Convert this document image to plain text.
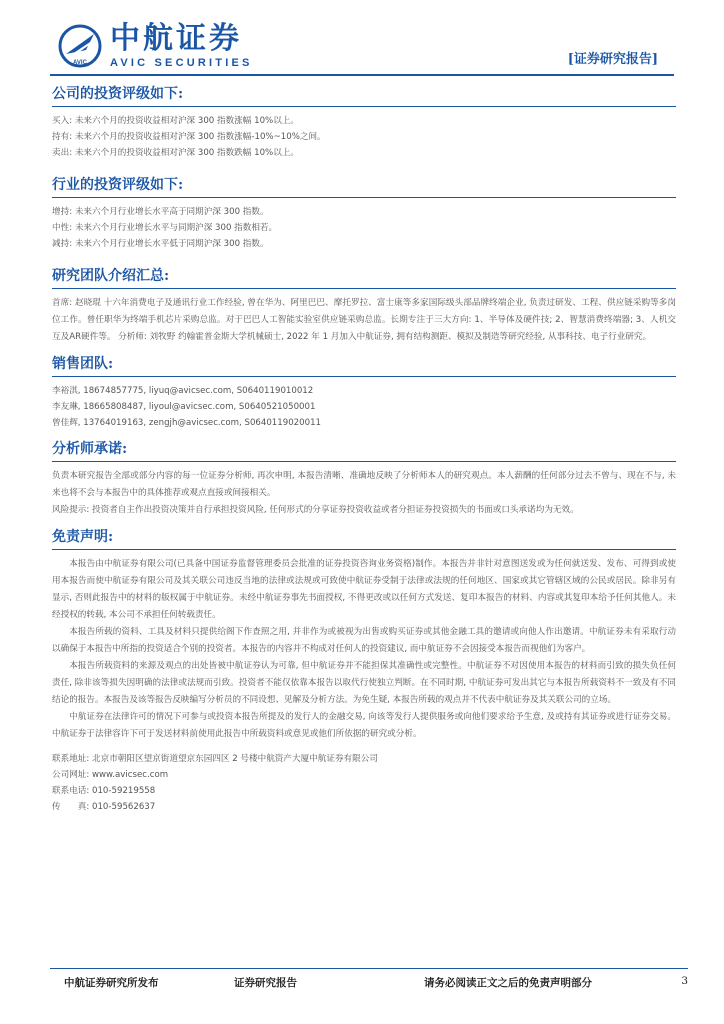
AVIC
中航证券
AVIC SECURITIES	[证券研究报告]
公司的投资评级如下:
买入: 未来六个月的投资收益相对沪深 300 指数涨幅 10%以上。
持有: 未来六个月的投资收益相对沪深 300 指数涨幅-10%~10%之间。
卖出: 未来六个月的投资收益相对沪深 300 指数跌幅 10%以上。
行业的投资评级如下:
增持: 未来六个月行业增长水平高于同期沪深 300 指数。
中性: 未来六个月行业增长水平与同期沪深 300 指数相若。
减持: 未来六个月行业增长水平低于同期沪深 300 指数。
研究团队介绍汇总:
首席: 赵晓琨 十六年消费电子及通讯行业工作经验, 曾在华为、阿里巴巴、摩托罗拉、富士康等多家国际级头部品牌终端企业, 负责过研发、工程、供应链采购等多岗位工作。曾任职华为终端手机芯片采购总监。对于巴巴人工智能实验室供应链采购总监。长期专注于三大方向: 1、半导体及硬件技; 2、智慧消费终端器; 3、人机交互及AR硬件等。 分析师: 刘牧野 约翰霍普金斯大学机械硕士, 2022 年 1 月加入中航证券, 拥有结构测距、模拟及制造等研究经验, 从事科技、电子行业研究。
销售团队:
李裕淇, 18674857775, liyuq@avicsec.com, S0640119010012
李友琳, 18665808487, liyoul@avicsec.com, S0640521050001
曾佳辉, 13764019163, zengjh@avicsec.com, S0640119020011
分析师承诺:
负责本研究报告全部或部分内容的每一位证券分析师, 再次申明, 本报告清晰、准确地反映了分析师本人的研究观点。本人薪酬的任何部分过去不曾与、现在不与, 未来也将不会与本报告中的具体推荐或观点直接或间接相关。
风险提示: 投资者自主作出投资决策并自行承担投资风险, 任何形式的分享证券投资收益或者分担证券投资损失的书面或口头承诺均为无效。
免责声明:
本报告由中航证券有限公司(已具备中国证券监督管理委员会批准的证券投资咨询业务资格)制作。本报告并非针对意图送发或为任何就送发、发布、可得到或使用本报告而使中航证券有限公司及其关联公司违反当地的法律或法规或可致使中航证券受制于法律或法规的任何地区、国家或其它管辖区域的公民或居民。除非另有显示, 否则此报告中的材料的版权属于中航证券。未经中航证券事先书面授权, 不得更改或以任何方式发送、复印本报告的材料、内容或其复印本给予任何其他人。未经授权的转载, 本公司不承担任何转载责任。
本报告所载的资料、工具及材料只提供给阁下作查照之用, 并非作为或被视为出售或购买证券或其他金融工具的邀请或向他人作出邀请。中航证券未有采取行动以确保于本报告中所指的投资适合个别的投资者。本报告的内容并不构成对任何人的投资建议, 而中航证券不会因接受本报告而视他们为客户。
本报告所载资料的来源及观点的出处皆被中航证券认为可靠, 但中航证券并不能担保其准确性或完整性。中航证券不对因使用本报告的材料而引致的损失负任何责任, 除非该等损失因明确的法律或法规而引致。投资者不能仅依靠本报告以取代行使独立判断。在不同时期, 中航证券可发出其它与本报告所载资料不一致及有不同结论的报告。本报告及该等报告反映编写分析员的不同设想、见解及分析方法。为免生疑, 本报告所载的观点并不代表中航证券及其关联公司的立场。
中航证券在法律许可的情况下可参与或投资本报告所提及的发行人的金融交易, 向该等发行人提供服务或向他们要求给予生意, 及或持有其证券或进行证券交易。中航证券于法律容许下可于发送材料前使用此报告中所载资料或意见或他们所依据的研究或分析。
联系地址: 北京市朝阳区望京街道望京东园四区 2 号楼中航资产大厦中航证券有限公司
公司网址: www.avicsec.com
联系电话: 010-59219558
传　　真: 010-59562637
中航证券研究所发布	证券研究报告	请务必阅读正文之后的免责声明部分	3
